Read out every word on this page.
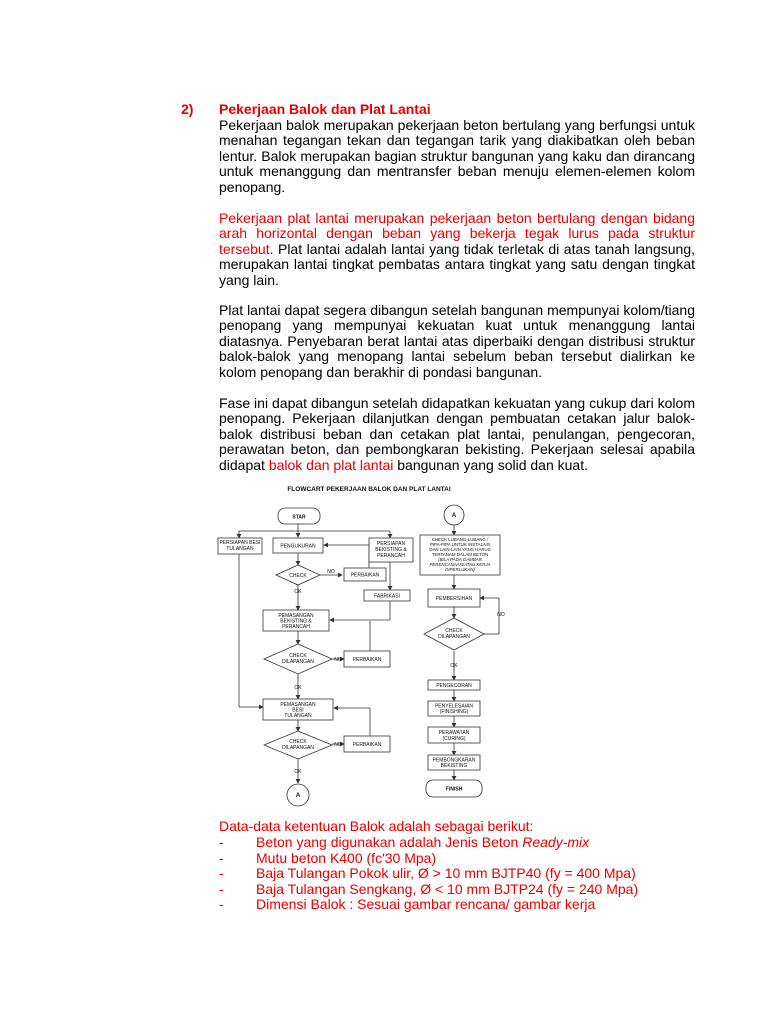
2) Pekerjaan Balok dan Plat Lantai

Pekerjaan balok merupakan pekerjaan beton bertulang yang berfungsi untuk menahan tegangan tekan dan tegangan tarik yang diakibatkan oleh beban lentur. Balok merupakan bagian struktur bangunan yang kaku dan dirancang untuk menanggung dan mentransfer beban menuju elemen-elemen kolom penopang.

Pekerjaan plat lantai merupakan pekerjaan beton bertulang dengan bidang arah horizontal dengan beban yang bekerja tegak lurus pada struktur tersebut. Plat lantai adalah lantai yang tidak terletak di atas tanah langsung, merupakan lantai tingkat pembatas antara tingkat yang satu dengan tingkat yang lain.

Plat lantai dapat segera dibangun setelah bangunan mempunyai kolom/tiang penopang yang mempunyai kekuatan kuat untuk menanggung lantai diatasnya. Penyebaran berat lantai atas diperbaiki dengan distribusi struktur balok-balok yang menopang lantai sebelum beban tersebut dialirkan ke kolom penopang dan berakhir di pondasi bangunan.

Fase ini dapat dibangun setelah didapatkan kekuatan yang cukup dari kolom penopang. Pekerjaan dilanjutkan dengan pembuatan cetakan jalur balok-balok distribusi beban dan cetakan plat lantai, penulangan, pengecoran, perawatan beton, dan pembongkaran bekisting. Pekerjaan selesai apabila didapat balok dan plat lantai bangunan yang solid dan kuat.

FLOWCART PEKERJAAN BALOK DAN PLAT LANTAI
STAR
PERSIAPAN BESI
TULANGAN	PENGUKURAN	PERSIAPAN
BEKISTING &
PERANCAH
CHECK
NO
PERBAIKAN
OK
FABRIKASI
PEMASANGAN
BEKISTING &
PERANCAH
CHECK
DILAPANGAN	NO PERBAIKAN
OK
PEMASANGAN
BESI
TULANGAN
CHECK
DILAPANGAN	NO PERBAIKAN
OK
A
A
CHECK LUBANG-LUBANG /
PIPA-PIPA UNTUK INSTALASI
DAN LAIN-LAIN YANG HARUS
TERTANAM DALAM BETON
(BILA PADA GAMBAR
PERENCANAAN/ATAU KERJA
DIPERLUKAN)
PEMBERSIHAN
NO
CHECK
DILAPANGAN
OK
PENGECORAN
PENYELESAIAN
(FINISHING)
PERAWATAN
(CURING)
PEMBONGKARAN
BEKISTING
FINISH
Data-data ketentuan Balok adalah sebagai berikut:
- Beton yang digunakan adalah Jenis Beton Ready-mix
- Mutu beton K400 (fc'30 Mpa)
- Baja Tulangan Pokok ulir, Ø > 10 mm BJTP40 (fy = 400 Mpa)
- Baja Tulangan Sengkang, Ø < 10 mm BJTP24 (fy = 240 Mpa)
- Dimensi Balok : Sesuai gambar rencana/ gambar kerja
